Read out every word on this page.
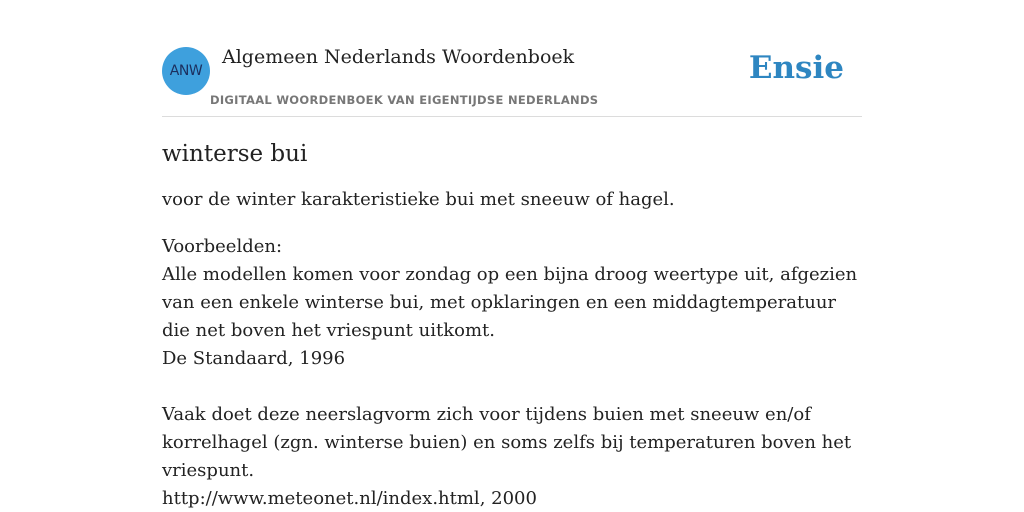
ANW
Algemeen Nederlands Woordenboek
DIGITAAL WOORDENBOEK VAN EIGENTIJDSE NEDERLANDS
Ensie
winterse bui

voor de winter karakteristieke bui met sneeuw of hagel.

Voorbeelden:
Alle modellen komen voor zondag op een bijna droog weertype uit, afgezien van een enkele winterse bui, met opklaringen en een middagtemperatuur die net boven het vriespunt uitkomt.
De Standaard, 1996
Vaak doet deze neerslagvorm zich voor tijdens buien met sneeuw en/of korrelhagel (zgn. winterse buien) en soms zelfs bij temperaturen boven het vriespunt.
http://www.meteonet.nl/index.html, 2000
